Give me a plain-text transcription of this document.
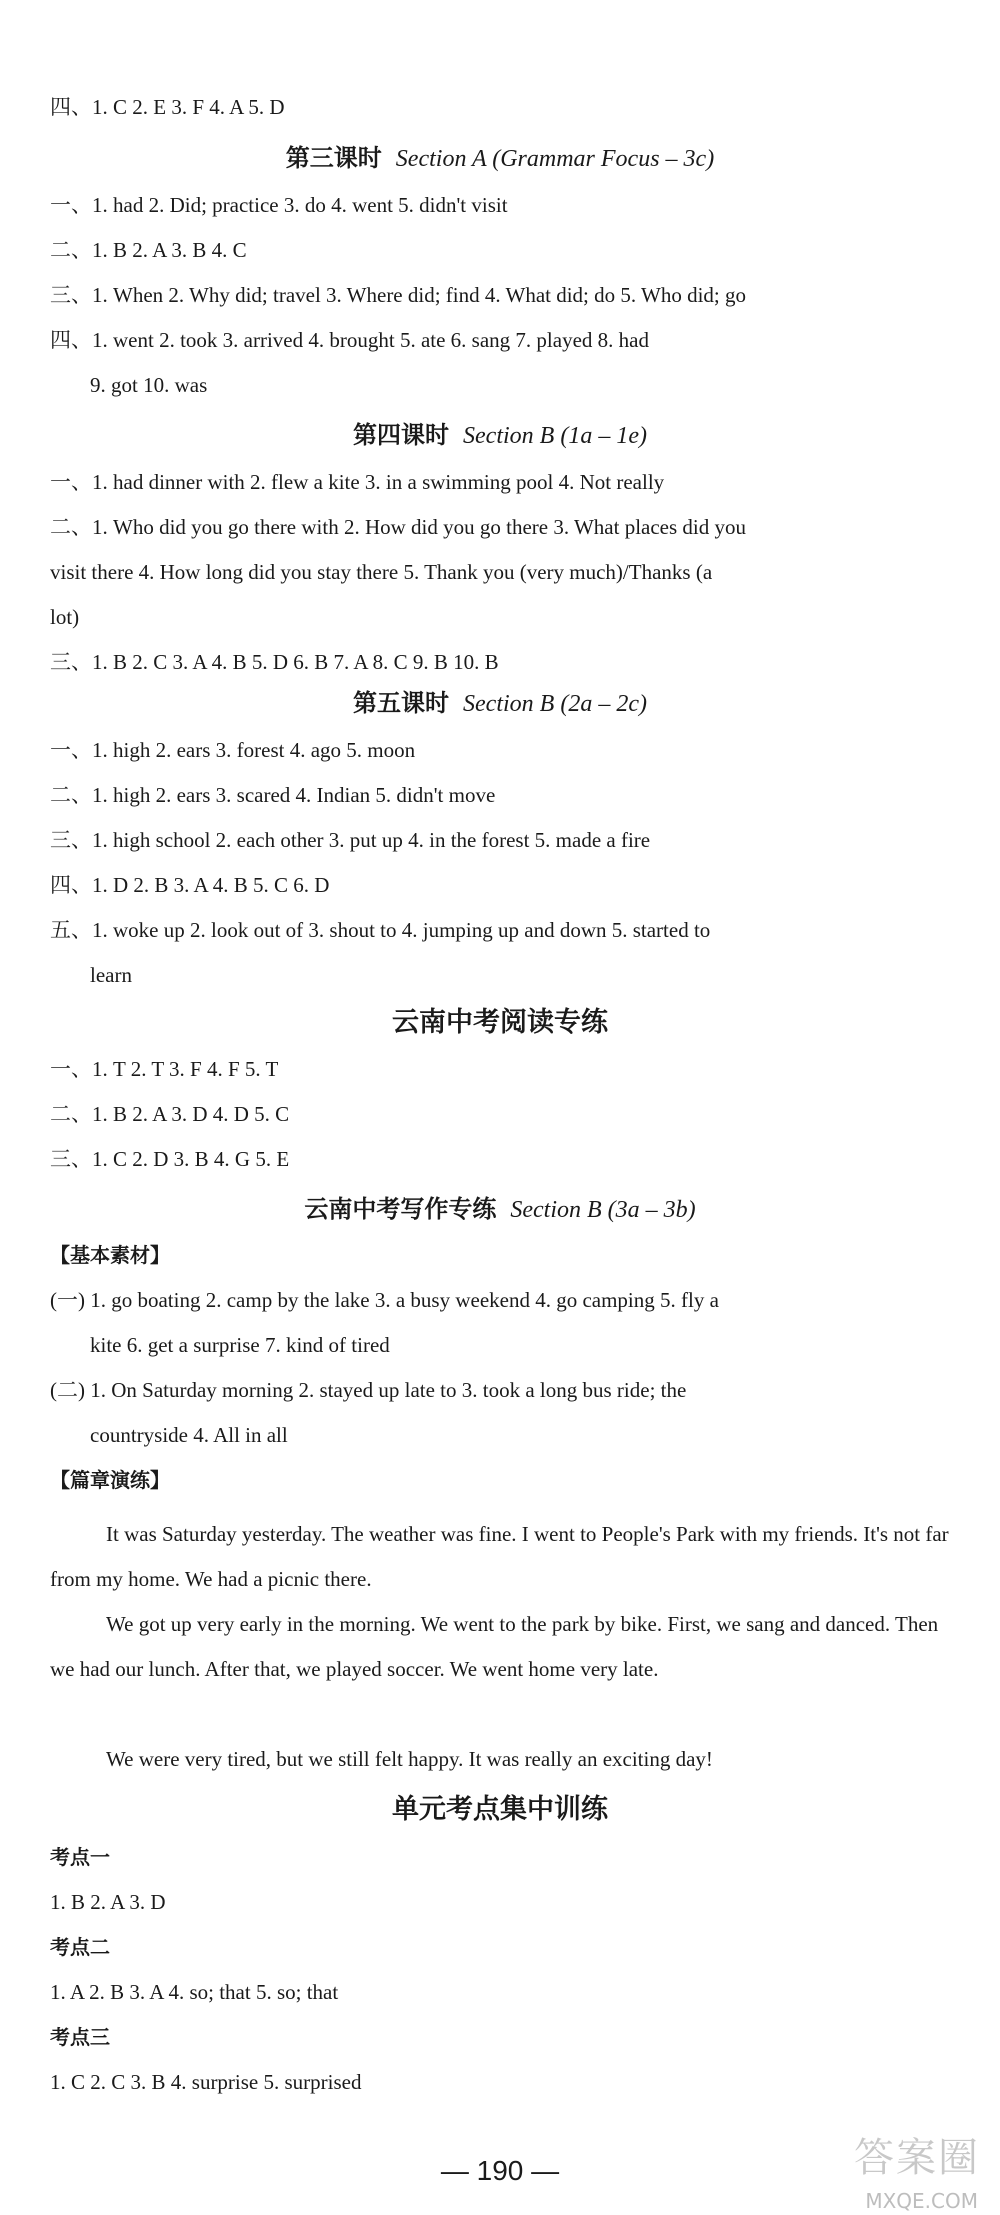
四、1. C 2. E 3. F 4. A 5. D
第三课时 Section A (Grammar Focus – 3c)
一、1. had 2. Did; practice 3. do 4. went 5. didn't visit
二、1. B 2. A 3. B 4. C
三、1. When 2. Why did; travel 3. Where did; find 4. What did; do 5. Who did; go
四、1. went 2. took 3. arrived 4. brought 5. ate 6. sang 7. played 8. had
9. got 10. was
第四课时 Section B (1a – 1e)
一、1. had dinner with 2. flew a kite 3. in a swimming pool 4. Not really
二、1. Who did you go there with 2. How did you go there 3. What places did you
visit there 4. How long did you stay there 5. Thank you (very much)/Thanks (a
lot)
三、1. B 2. C 3. A 4. B 5. D 6. B 7. A 8. C 9. B 10. B
第五课时 Section B (2a – 2c)
一、1. high 2. ears 3. forest 4. ago 5. moon
二、1. high 2. ears 3. scared 4. Indian 5. didn't move
三、1. high school 2. each other 3. put up 4. in the forest 5. made a fire
四、1. D 2. B 3. A 4. B 5. C 6. D
五、1. woke up 2. look out of 3. shout to 4. jumping up and down 5. started to
learn
云南中考阅读专练
一、1. T 2. T 3. F 4. F 5. T
二、1. B 2. A 3. D 4. D 5. C
三、1. C 2. D 3. B 4. G 5. E
云南中考写作专练 Section B (3a – 3b)
【基本素材】
(一) 1. go boating 2. camp by the lake 3. a busy weekend 4. go camping 5. fly a
kite 6. get a surprise 7. kind of tired
(二) 1. On Saturday morning 2. stayed up late to 3. took a long bus ride; the
countryside 4. All in all
【篇章演练】
It was Saturday yesterday. The weather was fine. I went to People's Park with my friends. It's not far from my home. We had a picnic there.
We got up very early in the morning. We went to the park by bike. First, we sang and danced. Then we had our lunch. After that, we played soccer. We went home very late.
We were very tired, but we still felt happy. It was really an exciting day!
单元考点集中训练
考点一
1. B 2. A 3. D
考点二
1. A 2. B 3. A 4. so; that 5. so; that
考点三
1. C 2. C 3. B 4. surprise 5. surprised
— 190 —	答案圈
MXQE.COM
